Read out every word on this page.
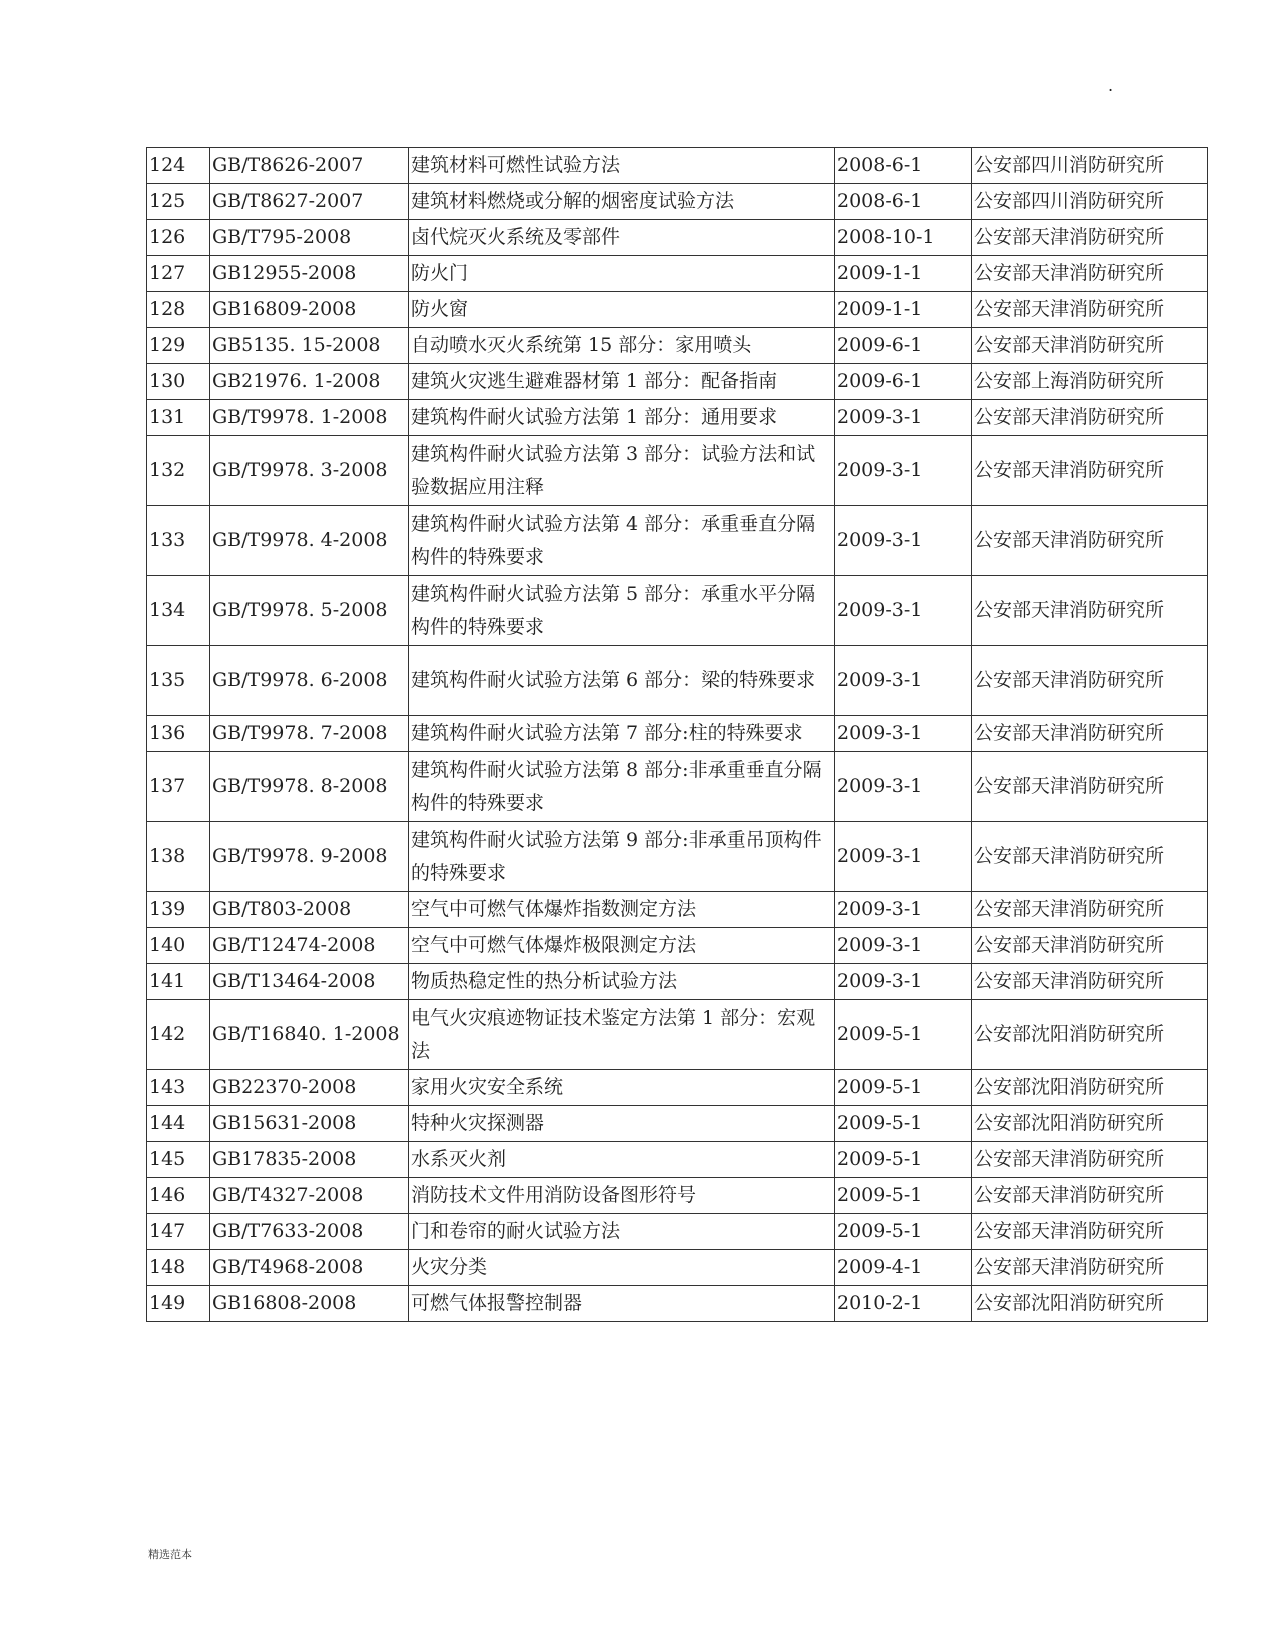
.
124	GB/T8626-2007	建筑材料可燃性试验方法	2008-6-1	公安部四川消防研究所
125	GB/T8627-2007	建筑材料燃烧或分解的烟密度试验方法	2008-6-1	公安部四川消防研究所
126	GB/T795-2008	卤代烷灭火系统及零部件	2008-10-1	公安部天津消防研究所
127	GB12955-2008	防火门	2009-1-1	公安部天津消防研究所
128	GB16809-2008	防火窗	2009-1-1	公安部天津消防研究所
129	GB5135. 15-2008	自动喷水灭火系统第 15 部分：家用喷头	2009-6-1	公安部天津消防研究所
130	GB21976. 1-2008	建筑火灾逃生避难器材第 1 部分：配备指南	2009-6-1	公安部上海消防研究所
131	GB/T9978. 1-2008	建筑构件耐火试验方法第 1 部分：通用要求	2009-3-1	公安部天津消防研究所
132	GB/T9978. 3-2008	建筑构件耐火试验方法第 3 部分：试验方法和试验数据应用注释	2009-3-1	公安部天津消防研究所
133	GB/T9978. 4-2008	建筑构件耐火试验方法第 4 部分：承重垂直分隔构件的特殊要求	2009-3-1	公安部天津消防研究所
134	GB/T9978. 5-2008	建筑构件耐火试验方法第 5 部分：承重水平分隔构件的特殊要求	2009-3-1	公安部天津消防研究所
135	GB/T9978. 6-2008	建筑构件耐火试验方法第 6 部分：梁的特殊要求	2009-3-1	公安部天津消防研究所
136	GB/T9978. 7-2008	建筑构件耐火试验方法第 7 部分:柱的特殊要求	2009-3-1	公安部天津消防研究所
137	GB/T9978. 8-2008	建筑构件耐火试验方法第 8 部分:非承重垂直分隔构件的特殊要求	2009-3-1	公安部天津消防研究所
138	GB/T9978. 9-2008	建筑构件耐火试验方法第 9 部分:非承重吊顶构件的特殊要求	2009-3-1	公安部天津消防研究所
139	GB/T803-2008	空气中可燃气体爆炸指数测定方法	2009-3-1	公安部天津消防研究所
140	GB/T12474-2008	空气中可燃气体爆炸极限测定方法	2009-3-1	公安部天津消防研究所
141	GB/T13464-2008	物质热稳定性的热分析试验方法	2009-3-1	公安部天津消防研究所
142	GB/T16840. 1-2008	电气火灾痕迹物证技术鉴定方法第 1 部分：宏观法	2009-5-1	公安部沈阳消防研究所
143	GB22370-2008	家用火灾安全系统	2009-5-1	公安部沈阳消防研究所
144	GB15631-2008	特种火灾探测器	2009-5-1	公安部沈阳消防研究所
145	GB17835-2008	水系灭火剂	2009-5-1	公安部天津消防研究所
146	GB/T4327-2008	消防技术文件用消防设备图形符号	2009-5-1	公安部天津消防研究所
147	GB/T7633-2008	门和卷帘的耐火试验方法	2009-5-1	公安部天津消防研究所
148	GB/T4968-2008	火灾分类	2009-4-1	公安部天津消防研究所
149	GB16808-2008	可燃气体报警控制器	2010-2-1	公安部沈阳消防研究所
精选范本
